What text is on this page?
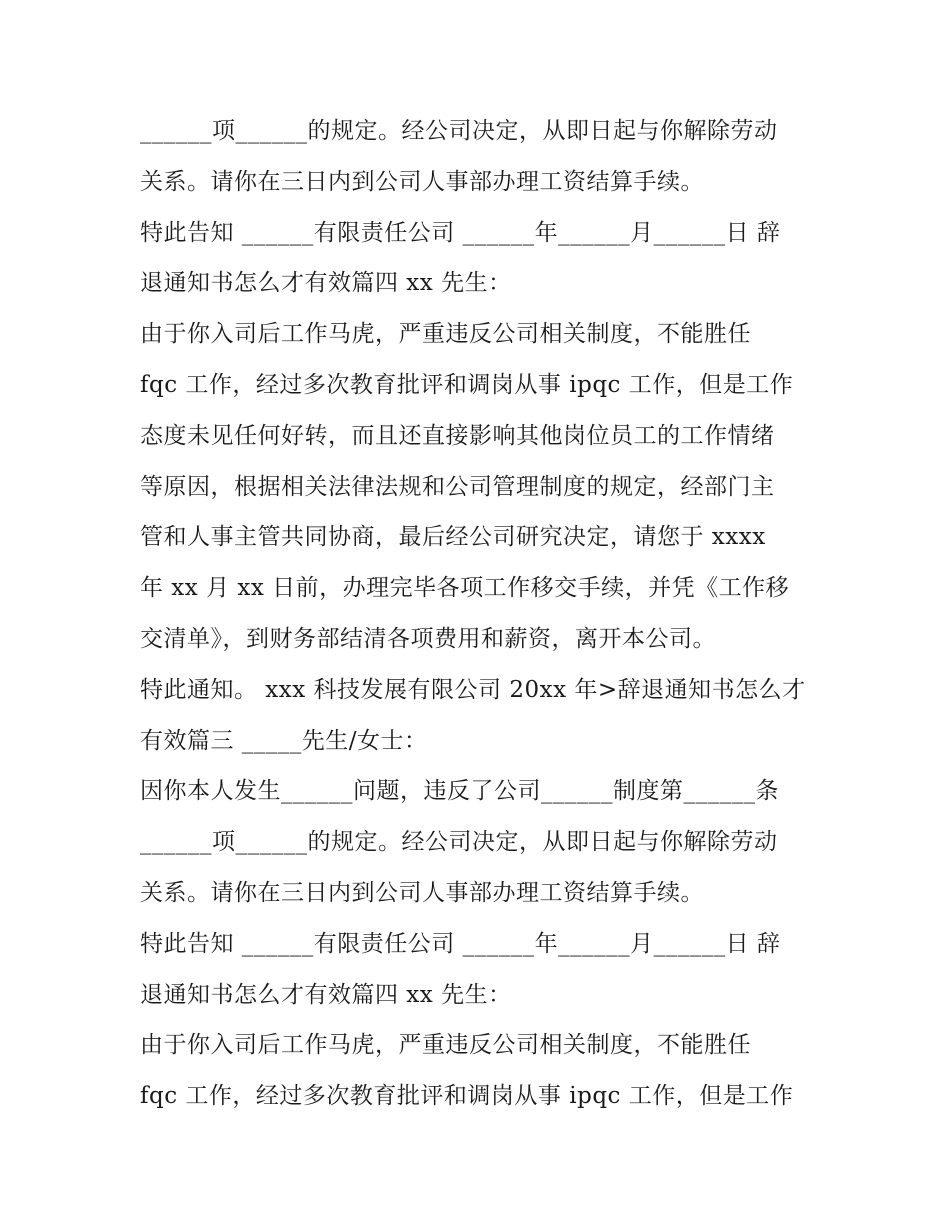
______项______的规定。经公司决定，从即日起与你解除劳动
关系。请你在三日内到公司人事部办理工资结算手续。
特此告知 ______有限责任公司 ______年______月______日 辞
退通知书怎么才有效篇四 xx 先生：
由于你入司后工作马虎，严重违反公司相关制度，不能胜任
fqc 工作，经过多次教育批评和调岗从事 ipqc 工作，但是工作
态度未见任何好转，而且还直接影响其他岗位员工的工作情绪
等原因，根据相关法律法规和公司管理制度的规定，经部门主
管和人事主管共同协商，最后经公司研究决定，请您于 xxxx
年 xx 月 xx 日前，办理完毕各项工作移交手续，并凭《工作移
交清单》，到财务部结清各项费用和薪资，离开本公司。
特此通知。 xxx 科技发展有限公司 20xx 年>辞退通知书怎么才
有效篇三 _____先生/女士：
因你本人发生______问题，违反了公司______制度第______条
______项______的规定。经公司决定，从即日起与你解除劳动
关系。请你在三日内到公司人事部办理工资结算手续。
特此告知 ______有限责任公司 ______年______月______日 辞
退通知书怎么才有效篇四 xx 先生：
由于你入司后工作马虎，严重违反公司相关制度，不能胜任
fqc 工作，经过多次教育批评和调岗从事 ipqc 工作，但是工作
